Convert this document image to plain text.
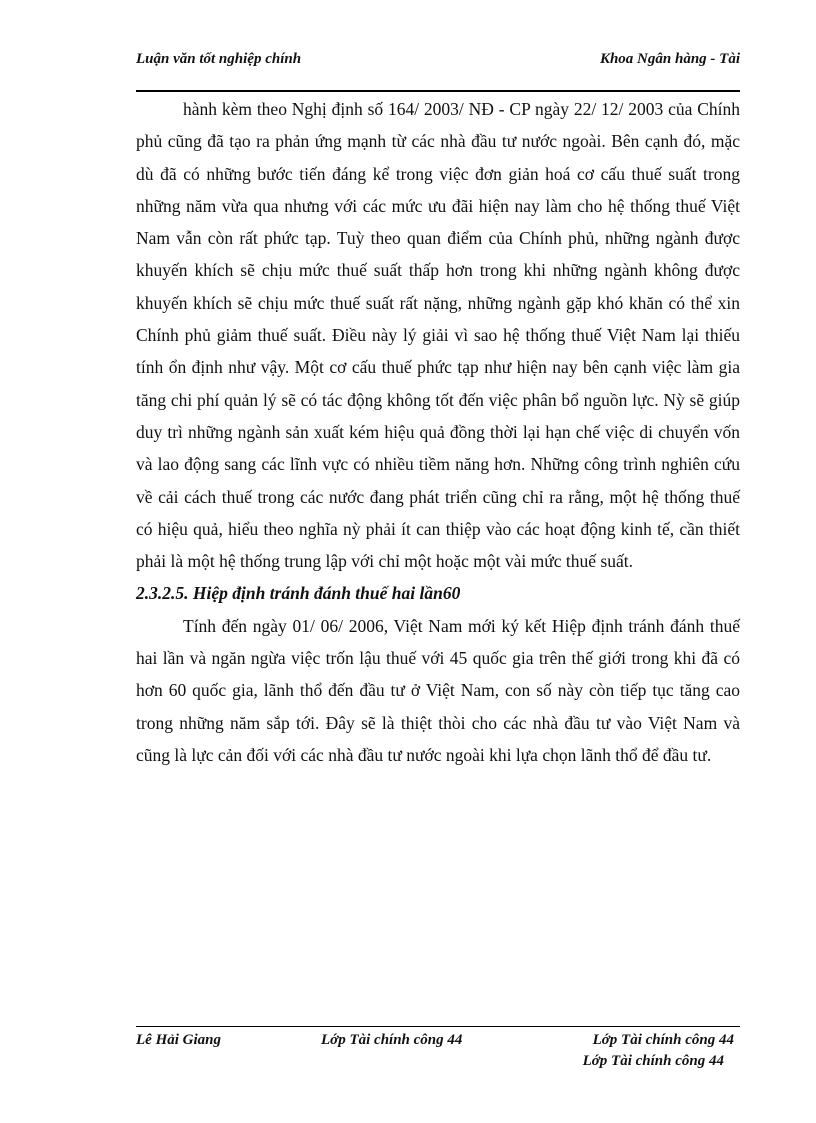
Luận văn tốt nghiệp chính	Khoa Ngân hàng - Tài

hành kèm theo Nghị định số 164/ 2003/ NĐ - CP ngày 22/ 12/ 2003 của Chính phủ cũng đã tạo ra phản ứng mạnh từ các nhà đầu tư nước ngoài. Bên cạnh đó, mặc dù đã có những bước tiến đáng kể trong việc đơn giản hoá cơ cấu thuế suất trong những năm vừa qua nhưng với các mức ưu đãi hiện nay làm cho hệ thống thuế Việt Nam vẫn còn rất phức tạp. Tuỳ theo quan điểm của Chính phủ, những ngành được khuyến khích sẽ chịu mức thuế suất thấp hơn trong khi những ngành không được khuyến khích sẽ chịu mức thuế suất rất nặng, những ngành gặp khó khăn có thể xin Chính phủ giảm thuế suất. Điều này lý giải vì sao hệ thống thuế Việt Nam lại thiếu tính ổn định như vậy. Một cơ cấu thuế phức tạp như hiện nay bên cạnh việc làm gia tăng chi phí quản lý sẽ có tác động không tốt đến việc phân bổ nguồn lực. Nỳ sẽ giúp duy trì những ngành sản xuất kém hiệu quả đồng thời lại hạn chế việc di chuyển vốn và lao động sang các lĩnh vực có nhiều tiềm năng hơn. Những công trình nghiên cứu về cải cách thuế trong các nước đang phát triển cũng chỉ ra rằng, một hệ thống thuế có hiệu quả, hiểu theo nghĩa nỳ phải ít can thiệp vào các hoạt động kinh tế, cần thiết phải là một hệ thống trung lập với chỉ một hoặc một vài mức thuế suất.

2.3.2.5. Hiệp định tránh đánh thuế hai lần60

Tính đến ngày 01/ 06/ 2006, Việt Nam mới ký kết Hiệp định tránh đánh thuế hai lần và ngăn ngừa việc trốn lậu thuế với 45 quốc gia trên thế giới trong khi đã có hơn 60 quốc gia, lãnh thổ đến đầu tư ở Việt Nam, con số này còn tiếp tục tăng cao trong những năm sắp tới. Đây sẽ là thiệt thòi cho các nhà đầu tư vào Việt Nam và cũng là lực cản đối với các nhà đầu tư nước ngoài khi lựa chọn lãnh thổ để đầu tư.

Lê Hải Giang	Lớp Tài chính công 44	Lớp Tài chính công 44
Lớp Tài chính công 44
